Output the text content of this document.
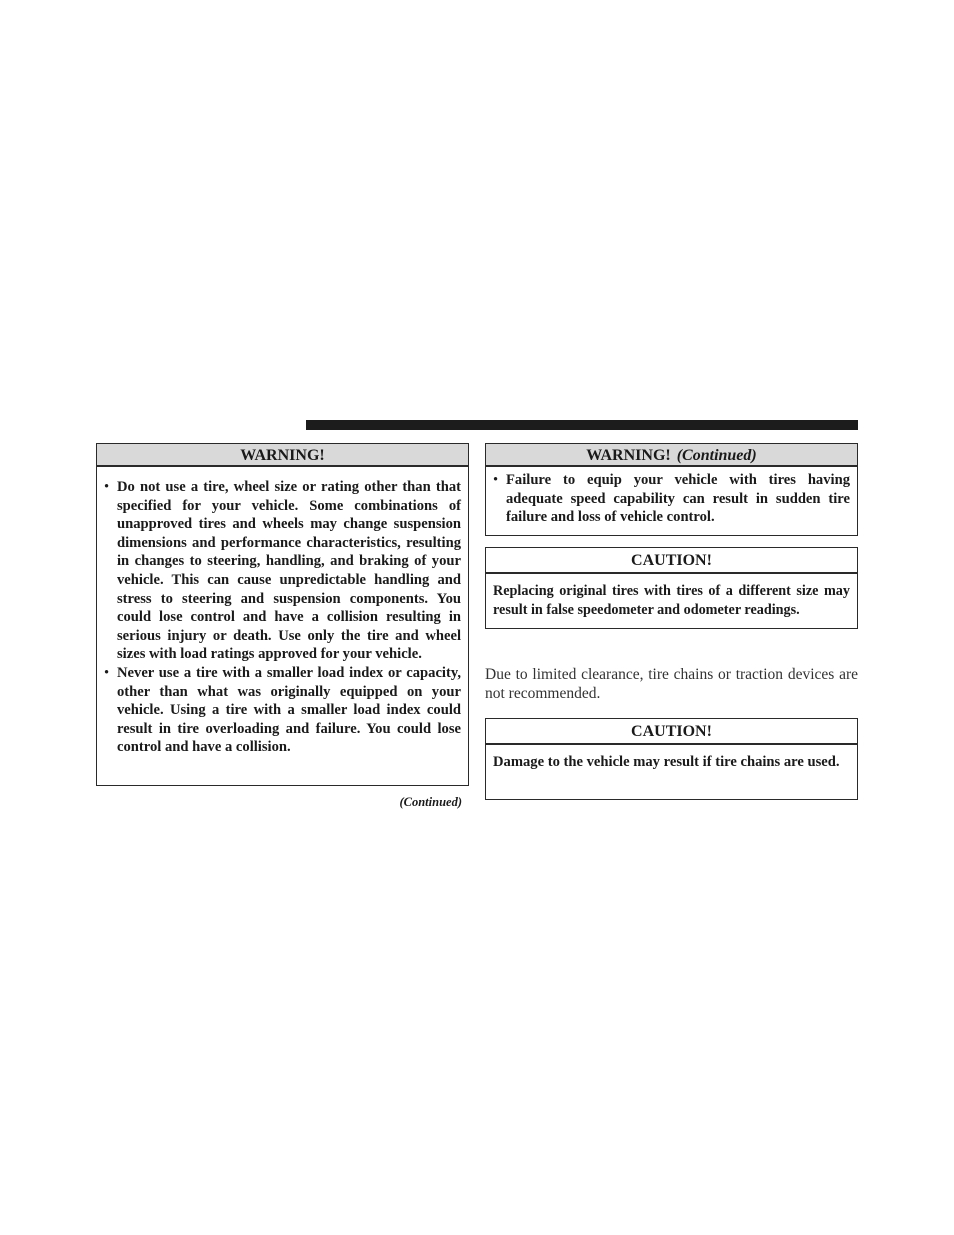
WARNING!
• Do not use a tire, wheel size or rating other than that specified for your vehicle. Some combinations of unapproved tires and wheels may change suspension dimensions and performance characteristics, resulting in changes to steering, handling, and braking of your vehicle. This can cause unpredictable handling and stress to steering and suspension components. You could lose control and have a collision resulting in serious injury or death. Use only the tire and wheel sizes with load ratings approved for your vehicle.
• Never use a tire with a smaller load index or capacity, other than what was originally equipped on your vehicle. Using a tire with a smaller load index could result in tire overloading and failure. You could lose control and have a collision.
(Continued)
WARNING! (Continued)
• Failure to equip your vehicle with tires having adequate speed capability can result in sudden tire failure and loss of vehicle control.
CAUTION!
Replacing original tires with tires of a different size may result in false speedometer and odometer readings.
Due to limited clearance, tire chains or traction devices are not recommended.
CAUTION!
Damage to the vehicle may result if tire chains are used.
